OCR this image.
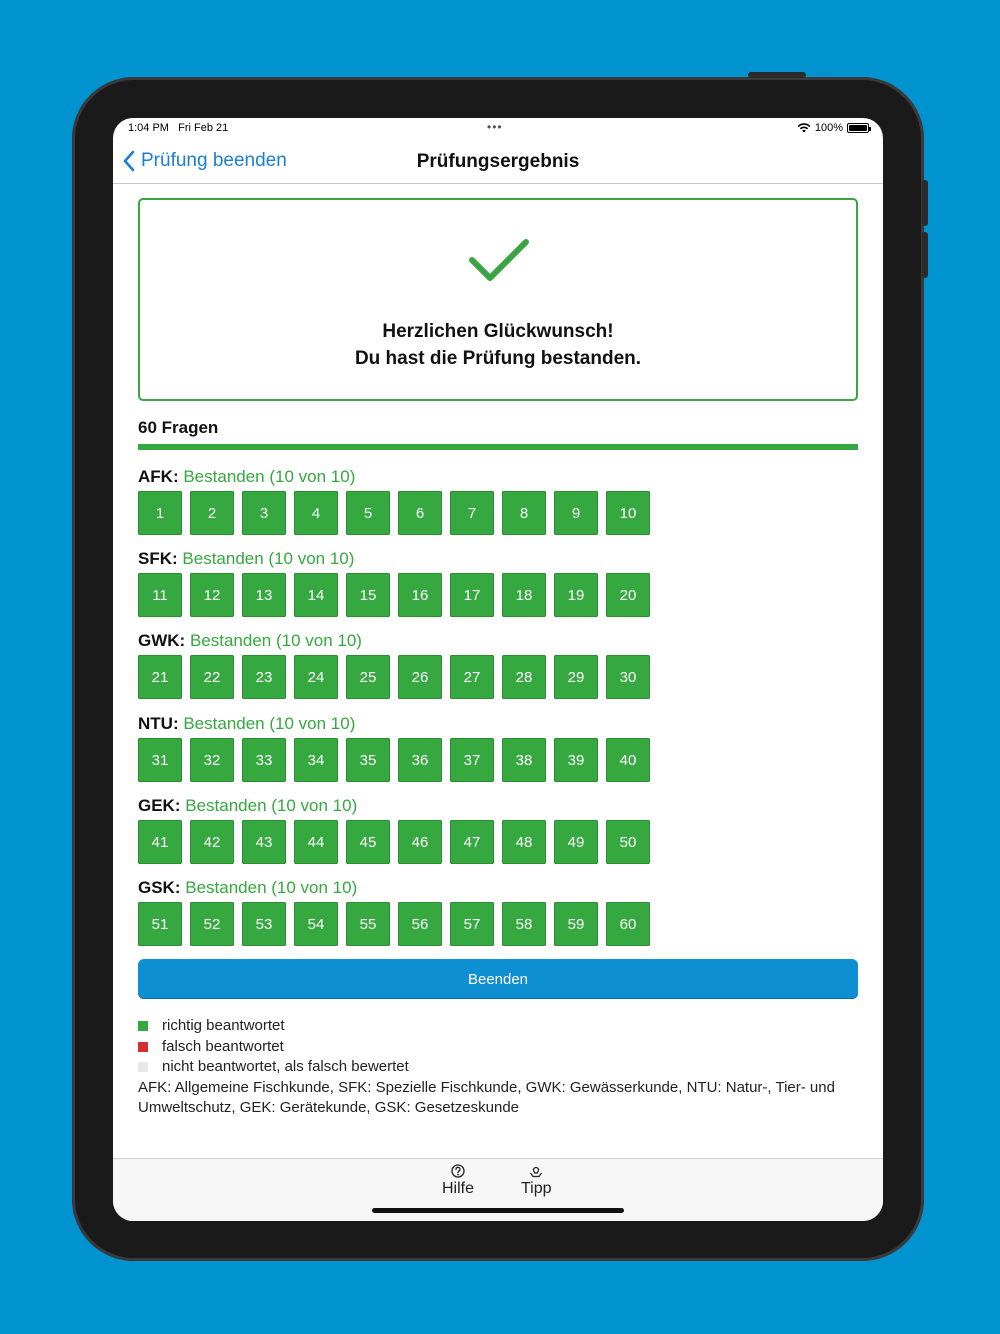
1:04 PM Fri Feb 21	•••	100%
Prüfung beenden	Prüfungsergebnis
Herzlichen Glückwunsch!
Du hast die Prüfung bestanden.
60 Fragen
AFK: Bestanden (10 von 10)
1	2	3	4	5	6	7	8	9	10
SFK: Bestanden (10 von 10)
11	12	13	14	15	16	17	18	19	20
GWK: Bestanden (10 von 10)
21	22	23	24	25	26	27	28	29	30
NTU: Bestanden (10 von 10)
31	32	33	34	35	36	37	38	39	40
GEK: Bestanden (10 von 10)
41	42	43	44	45	46	47	48	49	50
GSK: Bestanden (10 von 10)
51	52	53	54	55	56	57	58	59	60
Beenden
richtig beantwortet
falsch beantwortet
nicht beantwortet, als falsch bewertet
AFK: Allgemeine Fischkunde, SFK: Spezielle Fischkunde, GWK: Gewässerkunde, NTU: Natur-, Tier- und Umweltschutz, GEK: Gerätekunde, GSK: Gesetzeskunde
Hilfe	Tipp
